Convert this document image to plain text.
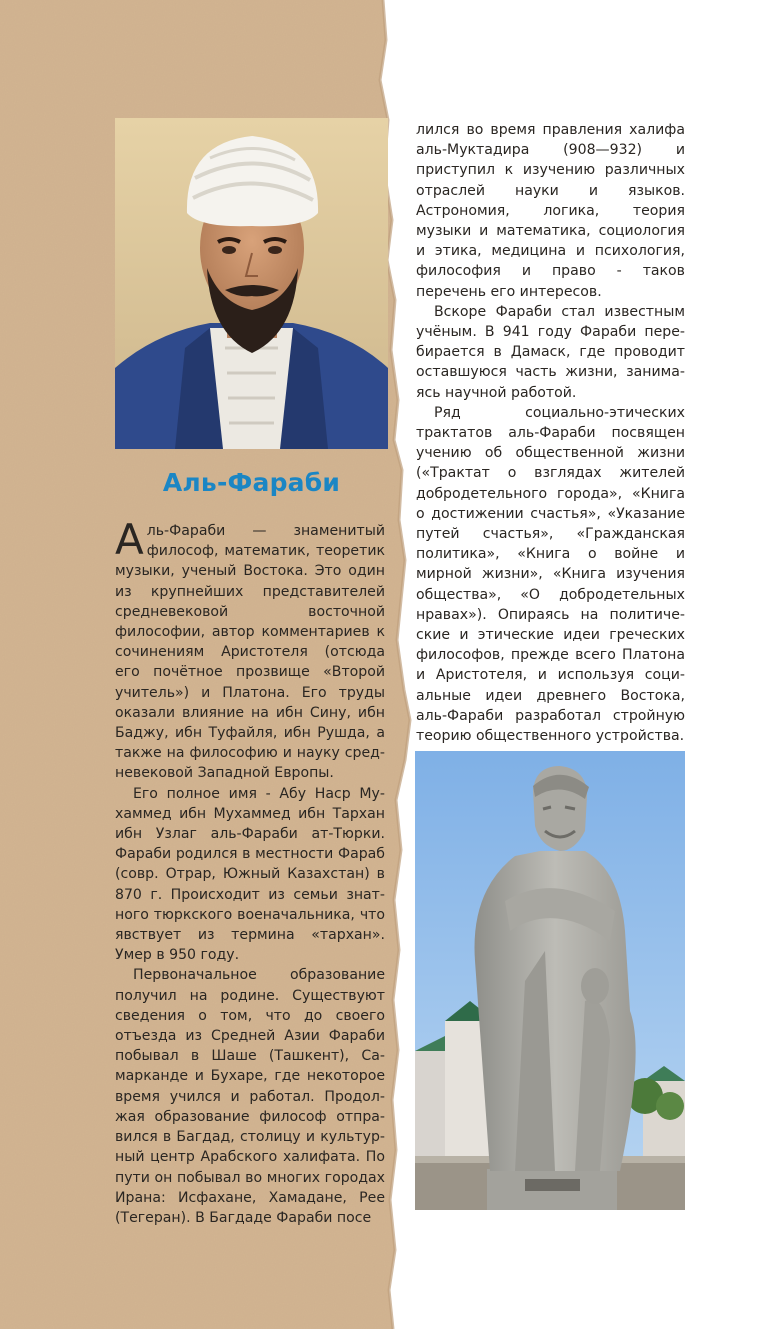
Аль-Фараби

Аль-Фараби — знаменитый философ, математик, теоретик музыки, ученый Востока. Это один из крупнейших представителей средневековой восточной философии, автор комментариев к сочинениям Аристотеля (отсюда его почётное прозвище «Второй учитель») и Платона. Его труды оказали влияние на ибн Сину, ибн Баджу, ибн Туфайля, ибн Рушда, а также на философию и науку средневековой Западной Европы.

Его полное имя - Абу Наср Мухаммед ибн Мухаммед ибн Тархан ибн Узлаг аль-Фараби ат-Тюрки. Фараби родился в местности Фараб (совр. Отрар, Южный Казахстан) в 870 г. Происходит из семьи знатного тюркского военачальника, что явствует из термина «тархан». Умер в 950 году.

Первоначальное образование получил на родине. Существуют сведения о том, что до своего отъезда из Средней Азии Фараби побывал в Шаше (Ташкент), Самарканде и Бухаре, где некоторое время учился и работал. Продолжая образование философ отправился в Багдад, столицу и культурный центр Арабского халифата. По пути он побывал во многих городах Ирана: Исфахане, Хамадане, Рее (Тегеран). В Багдаде Фараби посе

лился во время правления халифа аль-Муктадира (908—932) и приступил к изучению различных отраслей науки и языков. Астрономия, логика, теория музыки и математика, социология и этика, медицина и психология, философия и право - таков перечень его интересов.

Вскоре Фараби стал известным учёным. В 941 году Фараби перебирается в Дамаск, где проводит оставшуюся часть жизни, занимаясь научной работой.

Ряд социально-этических трактатов аль-Фараби посвящен учению об общественной жизни («Трактат о взглядах жителей добродетельного города», «Книга о достижении счастья», «Указание путей счастья», «Гражданская политика», «Книга о войне и мирной жизни», «Книга изучения общества», «О добродетельных нравах»). Опираясь на политические и этические идеи греческих философов, прежде всего Платона и Аристотеля, и используя социальные идеи древнего Востока, аль-Фараби разработал стройную теорию общественного устройства.
